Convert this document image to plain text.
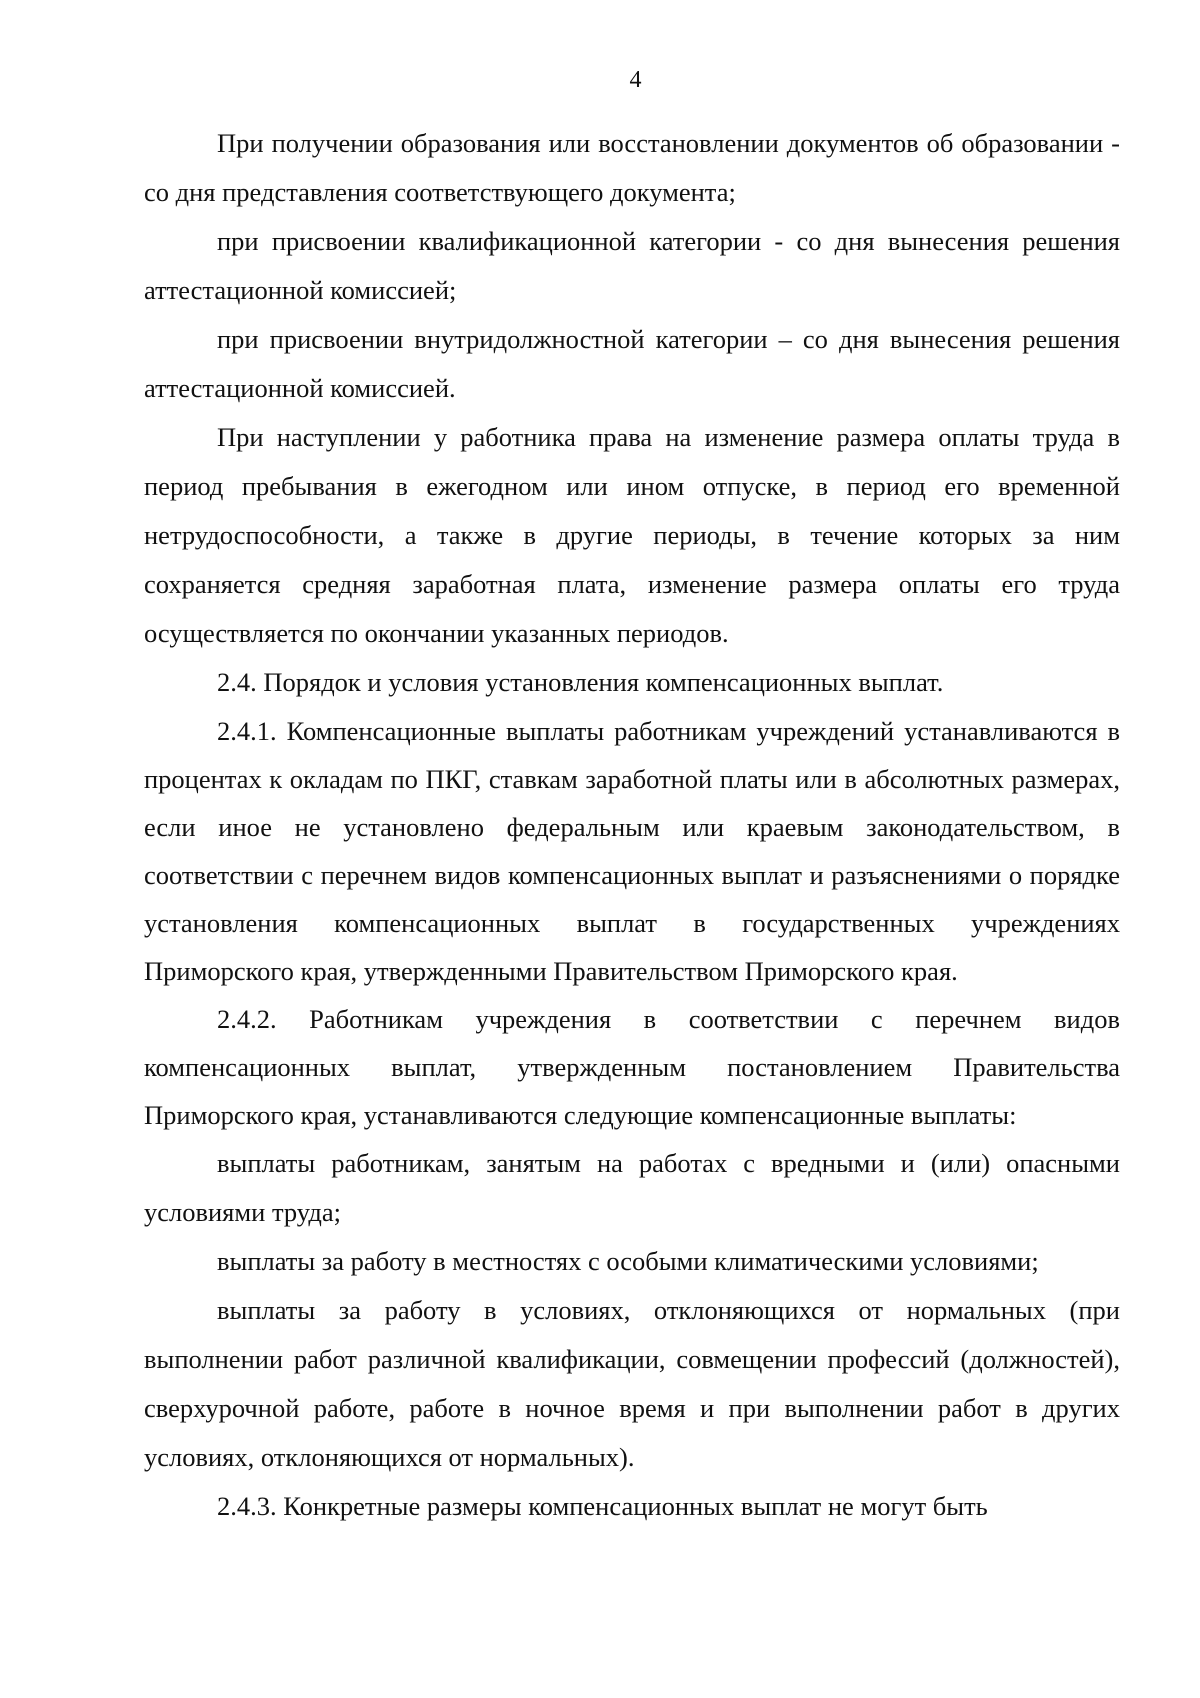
4

При получении образования или восстановлении документов об образовании - со дня представления соответствующего документа;

при присвоении квалификационной категории - со дня вынесения решения аттестационной комиссией;

при присвоении внутридолжностной категории – со дня вынесения решения аттестационной комиссией.

При наступлении у работника права на изменение размера оплаты труда в период пребывания в ежегодном или ином отпуске, в период его временной нетрудоспособности, а также в другие периоды, в течение которых за ним сохраняется средняя заработная плата, изменение размера оплаты его труда осуществляется по окончании указанных периодов.

2.4. Порядок и условия установления компенсационных выплат.

2.4.1. Компенсационные выплаты работникам учреждений устанавливаются в процентах к окладам по ПКГ, ставкам заработной платы или в абсолютных размерах, если иное не установлено федеральным или краевым законодательством, в соответствии с перечнем видов компенсационных выплат и разъяснениями о порядке установления компенсационных выплат в государственных учреждениях Приморского края, утвержденными Правительством Приморского края.

2.4.2. Работникам учреждения в соответствии с перечнем видов компенсационных выплат, утвержденным постановлением Правительства Приморского края, устанавливаются следующие компенсационные выплаты:

выплаты работникам, занятым на работах с вредными и (или) опасными условиями труда;

выплаты за работу в местностях с особыми климатическими условиями;

выплаты за работу в условиях, отклоняющихся от нормальных (при выполнении работ различной квалификации, совмещении профессий (должностей), сверхурочной работе, работе в ночное время и при выполнении работ в других условиях, отклоняющихся от нормальных).

2.4.3. Конкретные размеры компенсационных выплат не могут быть
